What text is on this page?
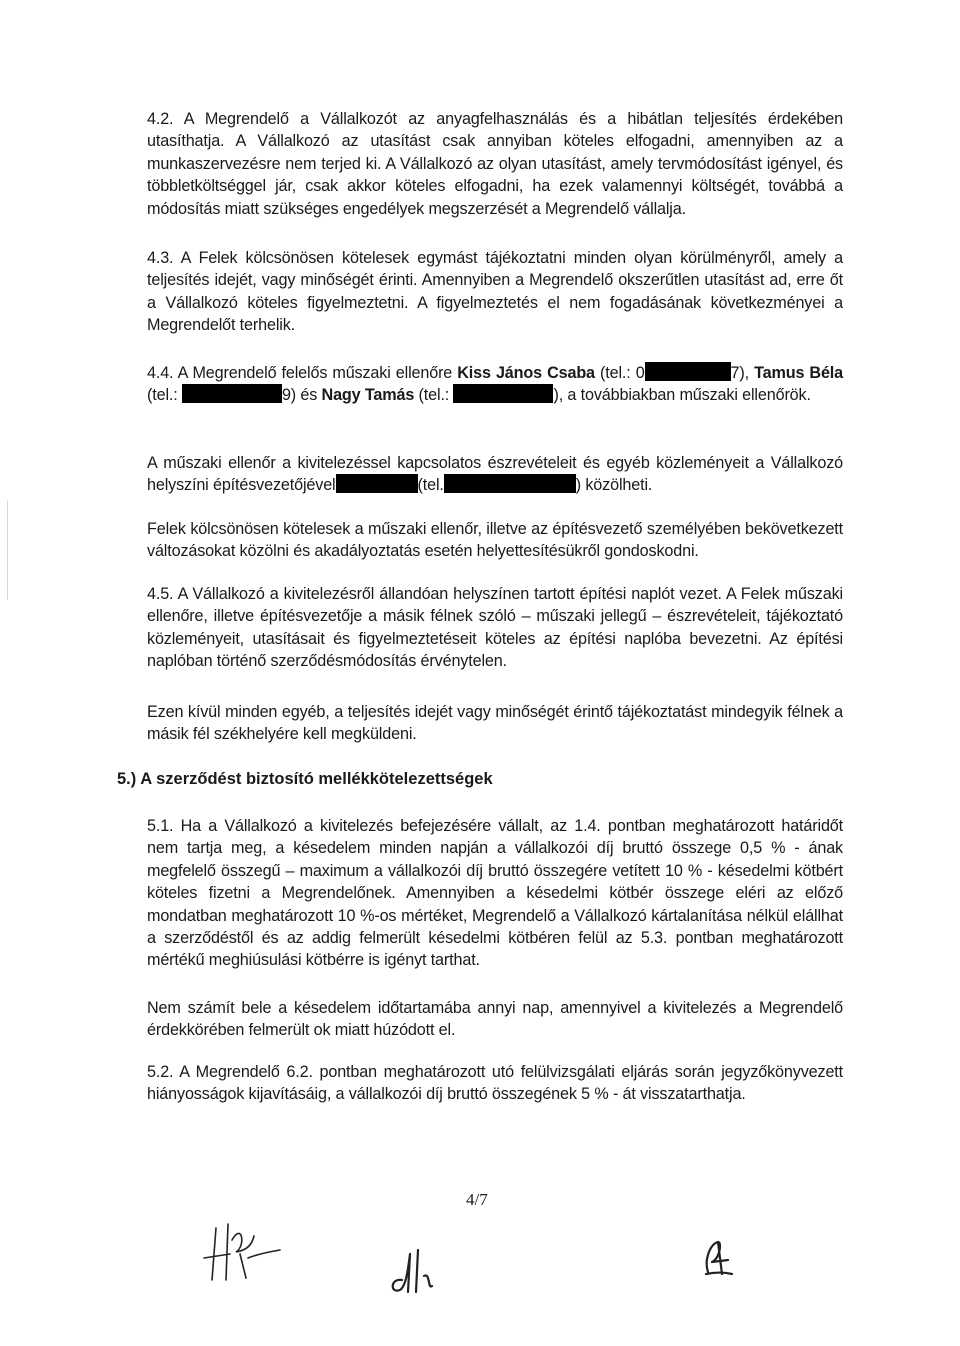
4.2. A Megrendelő a Vállalkozót az anyagfelhasználás és a hibátlan teljesítés érdekében utasíthatja. A Vállalkozó az utasítást csak annyiban köteles elfogadni, amennyiben az a munkaszervezésre nem terjed ki. A Vállalkozó az olyan utasítást, amely tervmódosítást igényel, és többletköltséggel jár, csak akkor köteles elfogadni, ha ezek valamennyi költségét, továbbá a módosítás miatt szükséges engedélyek megszerzését a Megrendelő vállalja.
4.3. A Felek kölcsönösen kötelesek egymást tájékoztatni minden olyan körülményről, amely a teljesítés idejét, vagy minőségét érinti. Amennyiben a Megrendelő okszerűtlen utasítást ad, erre őt a Vállalkozó köteles figyelmeztetni. A figyelmeztetés el nem fogadásának következményei a Megrendelőt terhelik.
4.4. A Megrendelő felelős műszaki ellenőre Kiss János Csaba (tel.: 0	7), Tamus Béla (tel.:	9) és Nagy Tamás (tel.:	), a továbbiakban műszaki ellenőrök.
A műszaki ellenőr a kivitelezéssel kapcsolatos észrevételeit és egyéb közleményeit a Vállalkozó helyszíni építésvezetőjével	(tel.	) közölheti.
Felek kölcsönösen kötelesek a műszaki ellenőr, illetve az építésvezető személyében bekövetkezett változásokat közölni és akadályoztatás esetén helyettesítésükről gondoskodni.
4.5. A Vállalkozó a kivitelezésről állandóan helyszínen tartott építési naplót vezet. A Felek műszaki ellenőre, illetve építésvezetője a másik félnek szóló – műszaki jellegű – észrevételeit, tájékoztató közleményeit, utasításait és figyelmeztetéseit köteles az építési naplóba bevezetni. Az építési naplóban történő szerződésmódosítás érvénytelen.
Ezen kívül minden egyéb, a teljesítés idejét vagy minőségét érintő tájékoztatást mindegyik félnek a másik fél székhelyére kell megküldeni.
5.) A szerződést biztosító mellékkötelezettségek
5.1. Ha a Vállalkozó a kivitelezés befejezésére vállalt, az 1.4. pontban meghatározott határidőt nem tartja meg, a késedelem minden napján a vállalkozói díj bruttó összege 0,5 % - ának megfelelő összegű – maximum a vállalkozói díj bruttó összegére vetített 10 % - késedelmi kötbért köteles fizetni a Megrendelőnek. Amennyiben a késedelmi kötbér összege eléri az előző mondatban meghatározott 10 %-os mértéket, Megrendelő a Vállalkozó kártalanítása nélkül elállhat a szerződéstől és az addig felmerült késedelmi kötbéren felül az 5.3. pontban meghatározott mértékű meghiúsulási kötbérre is igényt tarthat.
Nem számít bele a késedelem időtartamába annyi nap, amennyivel a kivitelezés a Megrendelő érdekkörében felmerült ok miatt húzódott el.
5.2. A Megrendelő 6.2. pontban meghatározott utó felülvizsgálati eljárás során jegyzőkönyvezett hiányosságok kijavításáig, a vállalkozói díj bruttó összegének 5 % - át visszatarthatja.
4/7
